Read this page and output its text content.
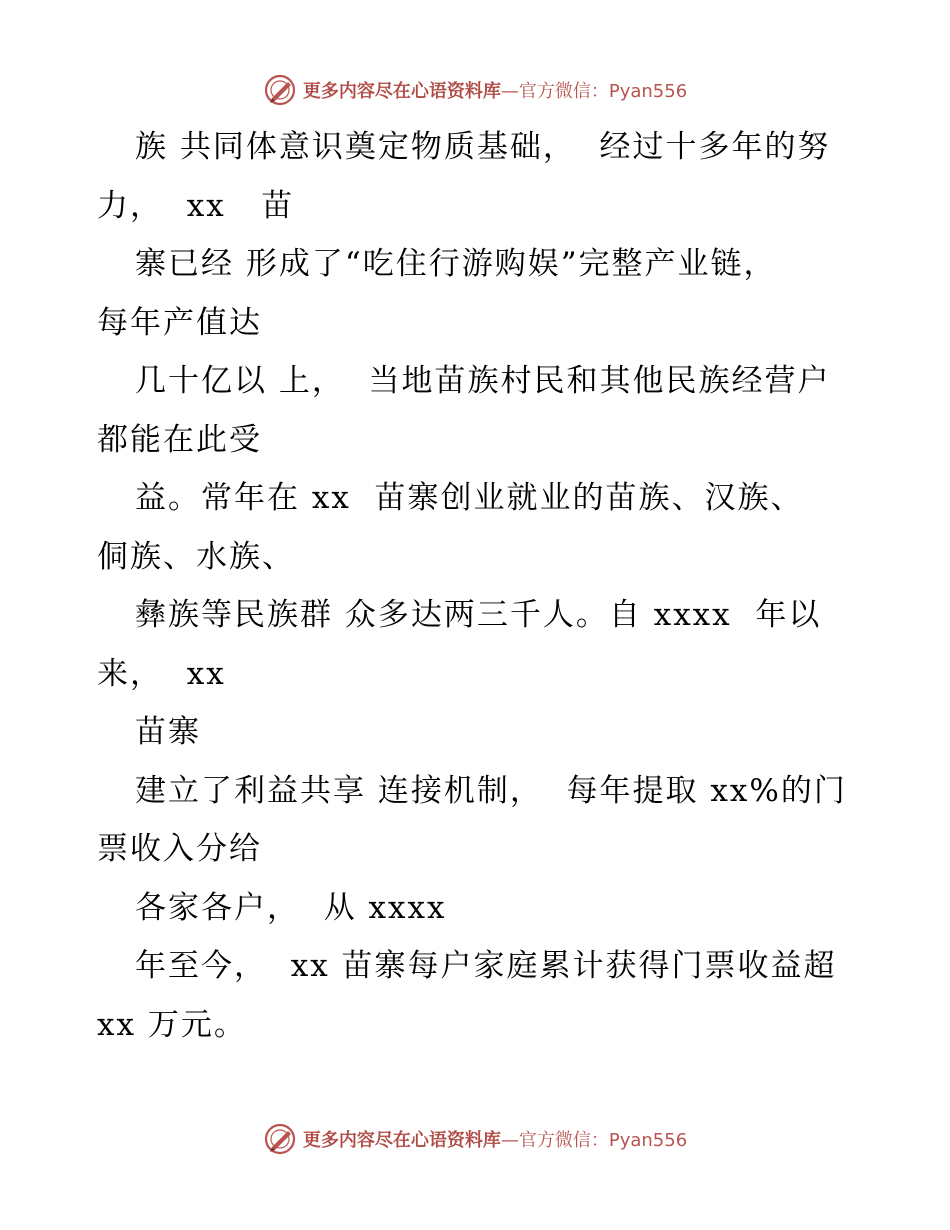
更多内容尽在心语资料库—官方微信：Pyan556
族 共同体意识奠定物质基础，  经过十多年的努
力，  xx   苗
寨已经 形成了“吃住行游购娱”完整产业链，
每年产值达
几十亿以 上，  当地苗族村民和其他民族经营户
都能在此受
益。常年在 xx  苗寨创业就业的苗族、汉族、
侗族、水族、
彝族等民族群 众多达两三千人。自 xxxx  年以
来，  xx
苗寨
建立了利益共享 连接机制，  每年提取 xx%的门
票收入分给
各家各户，  从 xxxx
年至今，  xx 苗寨每户家庭累计获得门票收益超
xx 万元。
更多内容尽在心语资料库—官方微信：Pyan556
